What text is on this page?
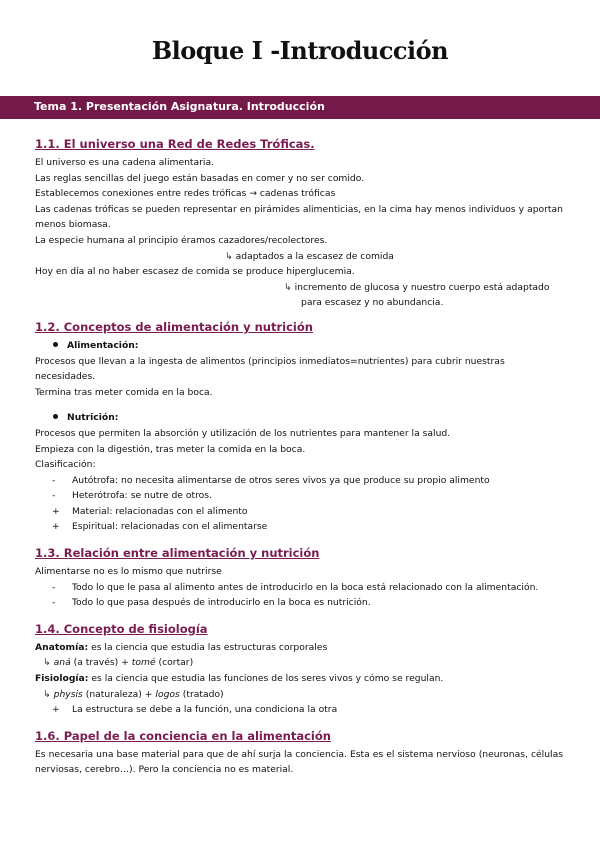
Bloque I -Introducción
Tema 1. Presentación Asignatura. Introducción
1.1. El universo una Red de Redes Tróficas.
El universo es una cadena alimentaria.
Las reglas sencillas del juego están basadas en comer y no ser comido.
Establecemos conexiones entre redes tróficas → cadenas tróficas
Las cadenas tróficas se pueden representar en pirámides alimenticias, en la cima hay menos individuos y aportan menos biomasa.
La especie humana al principio éramos cazadores/recolectores.
↳ adaptados a la escasez de comida
Hoy en día al no haber escasez de comida se produce hiperglucemia.
↳ incremento de glucosa y nuestro cuerpo está adaptado
para escasez y no abundancia.
1.2. Conceptos de alimentación y nutrición
Alimentación:
Procesos que llevan a la ingesta de alimentos (principios inmediatos=nutrientes) para cubrir nuestras necesidades.
Termina tras meter comida en la boca.
Nutrición:
Procesos que permiten la absorción y utilización de los nutrientes para mantener la salud.
Empieza con la digestión, tras meter la comida en la boca.
Clasificación:
- Autótrofa: no necesita alimentarse de otros seres vivos ya que produce su propio alimento
- Heterótrofa: se nutre de otros.
+ Material: relacionadas con el alimento
+ Espiritual: relacionadas con el alimentarse
1.3. Relación entre alimentación y nutrición
Alimentarse no es lo mismo que nutrirse
- Todo lo que le pasa al alimento antes de introducirlo en la boca está relacionado con la alimentación.
- Todo lo que pasa después de introducirlo en la boca es nutrición.
1.4. Concepto de fisiología
Anatomía: es la ciencia que estudia las estructuras corporales
↳ aná (a través) + tomé (cortar)
Fisiología: es la ciencia que estudia las funciones de los seres vivos y cómo se regulan.
↳ physis (naturaleza) + logos (tratado)
+ La estructura se debe a la función, una condiciona la otra
1.6. Papel de la conciencia en la alimentación
Es necesaria una base material para que de ahí surja la conciencia. Esta es el sistema nervioso (neuronas, células nerviosas, cerebro…). Pero la conciencia no es material.
